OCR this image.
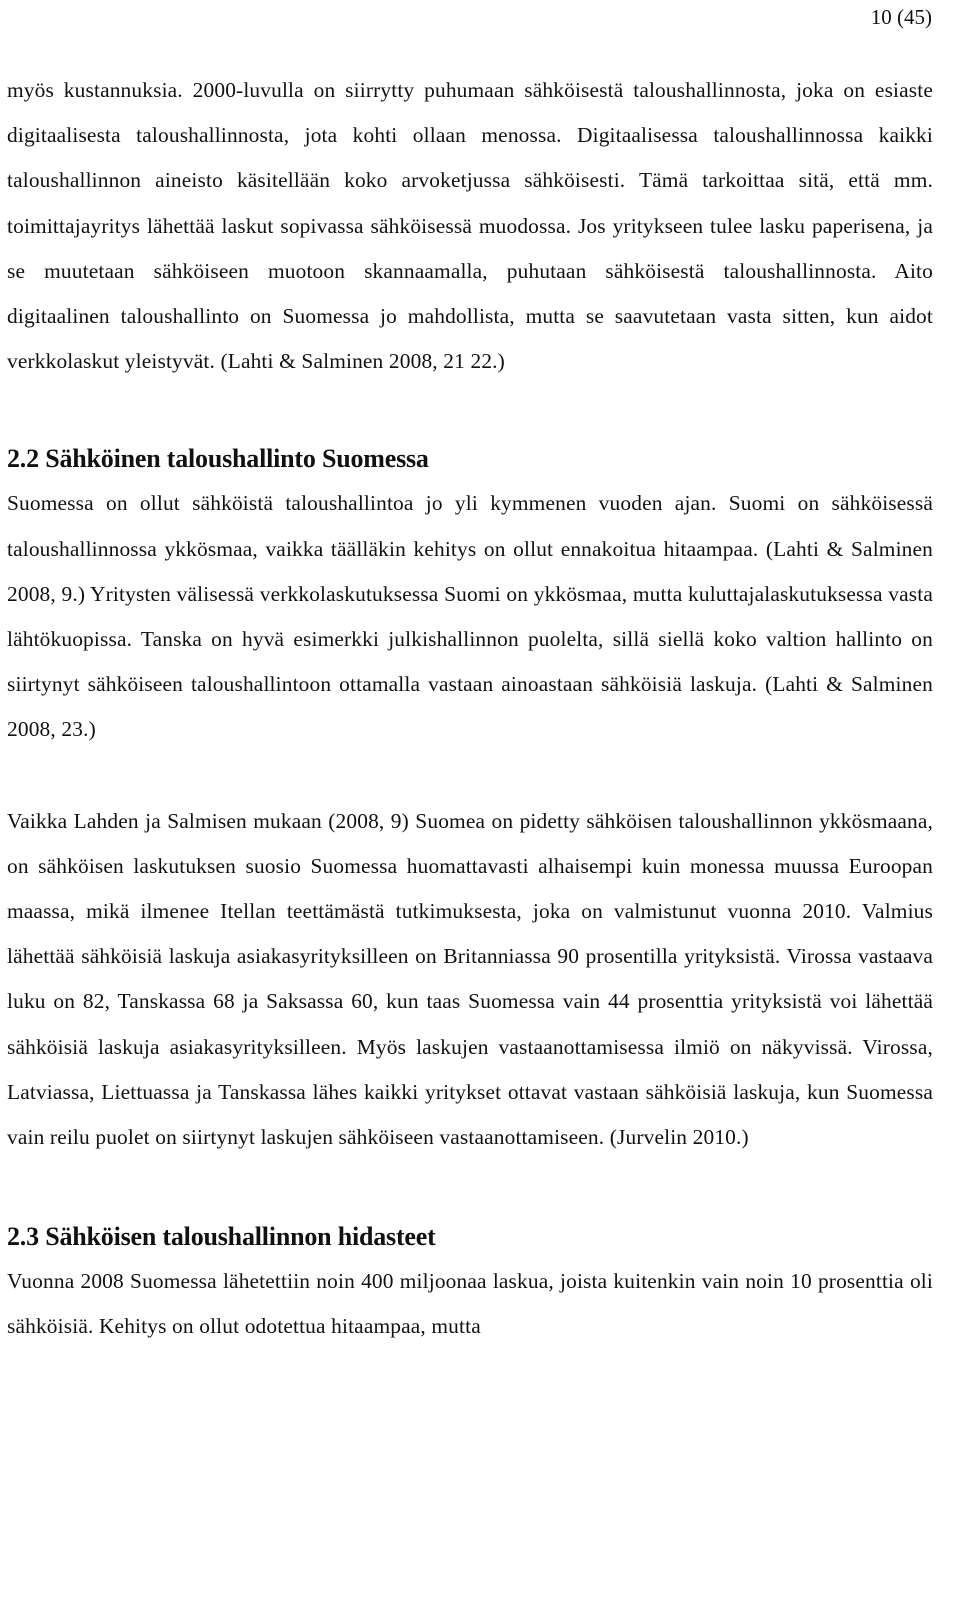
10 (45)

myös kustannuksia. 2000-luvulla on siirrytty puhumaan sähköisestä taloushallinnosta, joka on esiaste digitaalisesta taloushallinnosta, jota kohti ollaan menossa. Digitaalisessa taloushallinnossa kaikki taloushallinnon aineisto käsitellään koko arvoketjussa sähköisesti. Tämä tarkoittaa sitä, että mm. toimittajayritys lähettää laskut sopivassa sähköisessä muodossa. Jos yritykseen tulee lasku paperisena, ja se muutetaan sähköiseen muotoon skannaamalla, puhutaan sähköisestä taloushallinnosta. Aito digitaalinen taloushallinto on Suomessa jo mahdollista, mutta se saavutetaan vasta sitten, kun aidot verkkolaskut yleistyvät. (Lahti & Salminen 2008, 21 22.)

2.2 Sähköinen taloushallinto Suomessa

Suomessa on ollut sähköistä taloushallintoa jo yli kymmenen vuoden ajan. Suomi on sähköisessä taloushallinnossa ykkösmaa, vaikka täälläkin kehitys on ollut ennakoitua hitaampaa. (Lahti & Salminen 2008, 9.) Yritysten välisessä verkkolaskutuksessa Suomi on ykkösmaa, mutta kuluttajalaskutuksessa vasta lähtökuopissa. Tanska on hyvä esimerkki julkishallinnon puolelta, sillä siellä koko valtion hallinto on siirtynyt sähköiseen taloushallintoon ottamalla vastaan ainoastaan sähköisiä laskuja. (Lahti & Salminen 2008, 23.)

Vaikka Lahden ja Salmisen mukaan (2008, 9) Suomea on pidetty sähköisen taloushallinnon ykkösmaana, on sähköisen laskutuksen suosio Suomessa huomattavasti alhaisempi kuin monessa muussa Euroopan maassa, mikä ilmenee Itellan teettämästä tutkimuksesta, joka on valmistunut vuonna 2010. Valmius lähettää sähköisiä laskuja asiakasyrityksilleen on Britanniassa 90 prosentilla yrityksistä. Virossa vastaava luku on 82, Tanskassa 68 ja Saksassa 60, kun taas Suomessa vain 44 prosenttia yrityksistä voi lähettää sähköisiä laskuja asiakasyrityksilleen. Myös laskujen vastaanottamisessa ilmiö on näkyvissä. Virossa, Latviassa, Liettuassa ja Tanskassa lähes kaikki yritykset ottavat vastaan sähköisiä laskuja, kun Suomessa vain reilu puolet on siirtynyt laskujen sähköiseen vastaanottamiseen. (Jurvelin 2010.)

2.3 Sähköisen taloushallinnon hidasteet

Vuonna 2008 Suomessa lähetettiin noin 400 miljoonaa laskua, joista kuitenkin vain noin 10 prosenttia oli sähköisiä. Kehitys on ollut odotettua hitaampaa, mutta
